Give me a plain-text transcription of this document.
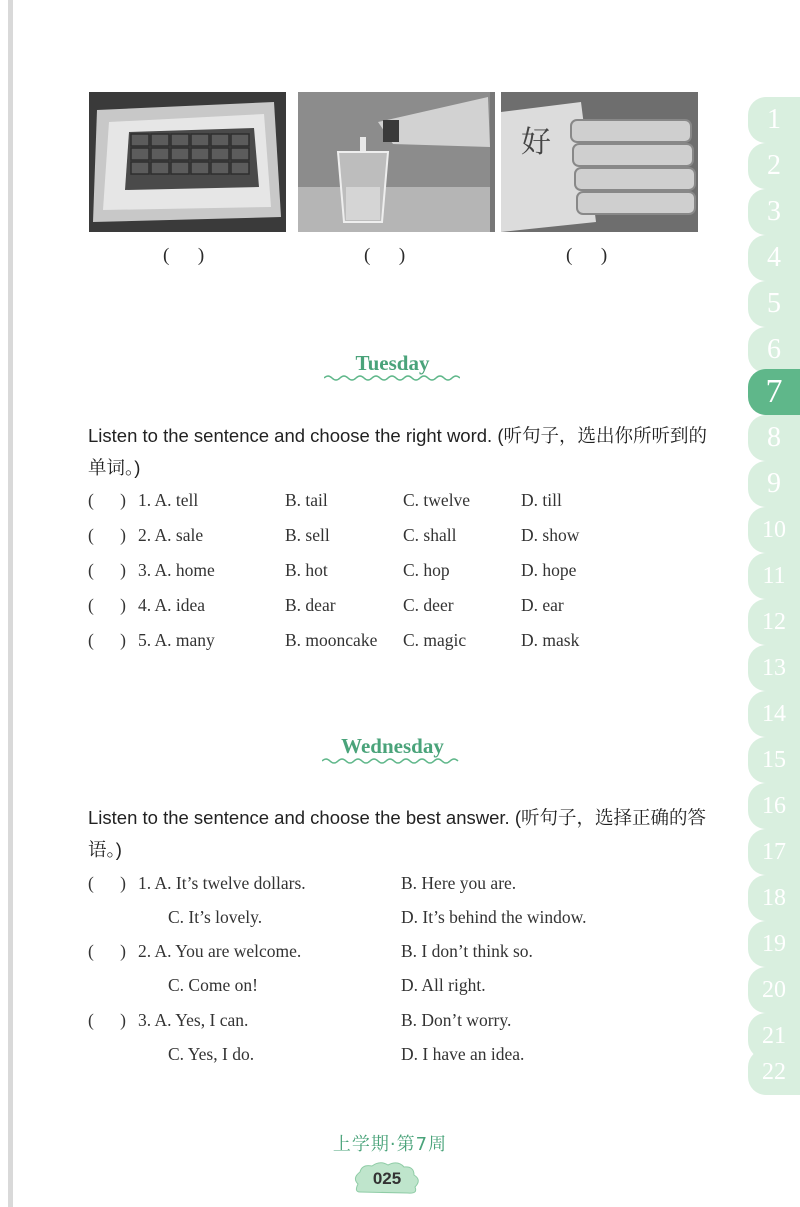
好
(      )	(      )	(      )
Tuesday
Listen to the sentence and choose the right word. (听句子，选出你所听到的单词。)
(      ) 1. A. tell	B. tail	C. twelve	D. till
(      ) 2. A. sale	B. sell	C. shall	D. show
(      ) 3. A. home	B. hot	C. hop	D. hope
(      ) 4. A. idea	B. dear	C. deer	D. ear
(      ) 5. A. many	B. mooncake C. magic	D. mask
Wednesday
Listen to the sentence and choose the best answer. (听句子，选择正确的答语。)
(      ) 1. A. It’s twelve dollars.	B. Here you are.
C. It’s lovely.	D. It’s behind the window.
(      ) 2. A. You are welcome.	B. I don’t think so.
C. Come on!	D. All right.
(      ) 3. A. Yes, I can.	B. Don’t worry.
C. Yes, I do.	D. I have an idea.
1
2
3
4
5
6
7
8
9
10
11
12
13
14
15
16
17
18
19
20
21
22
上学期·第7周
025
